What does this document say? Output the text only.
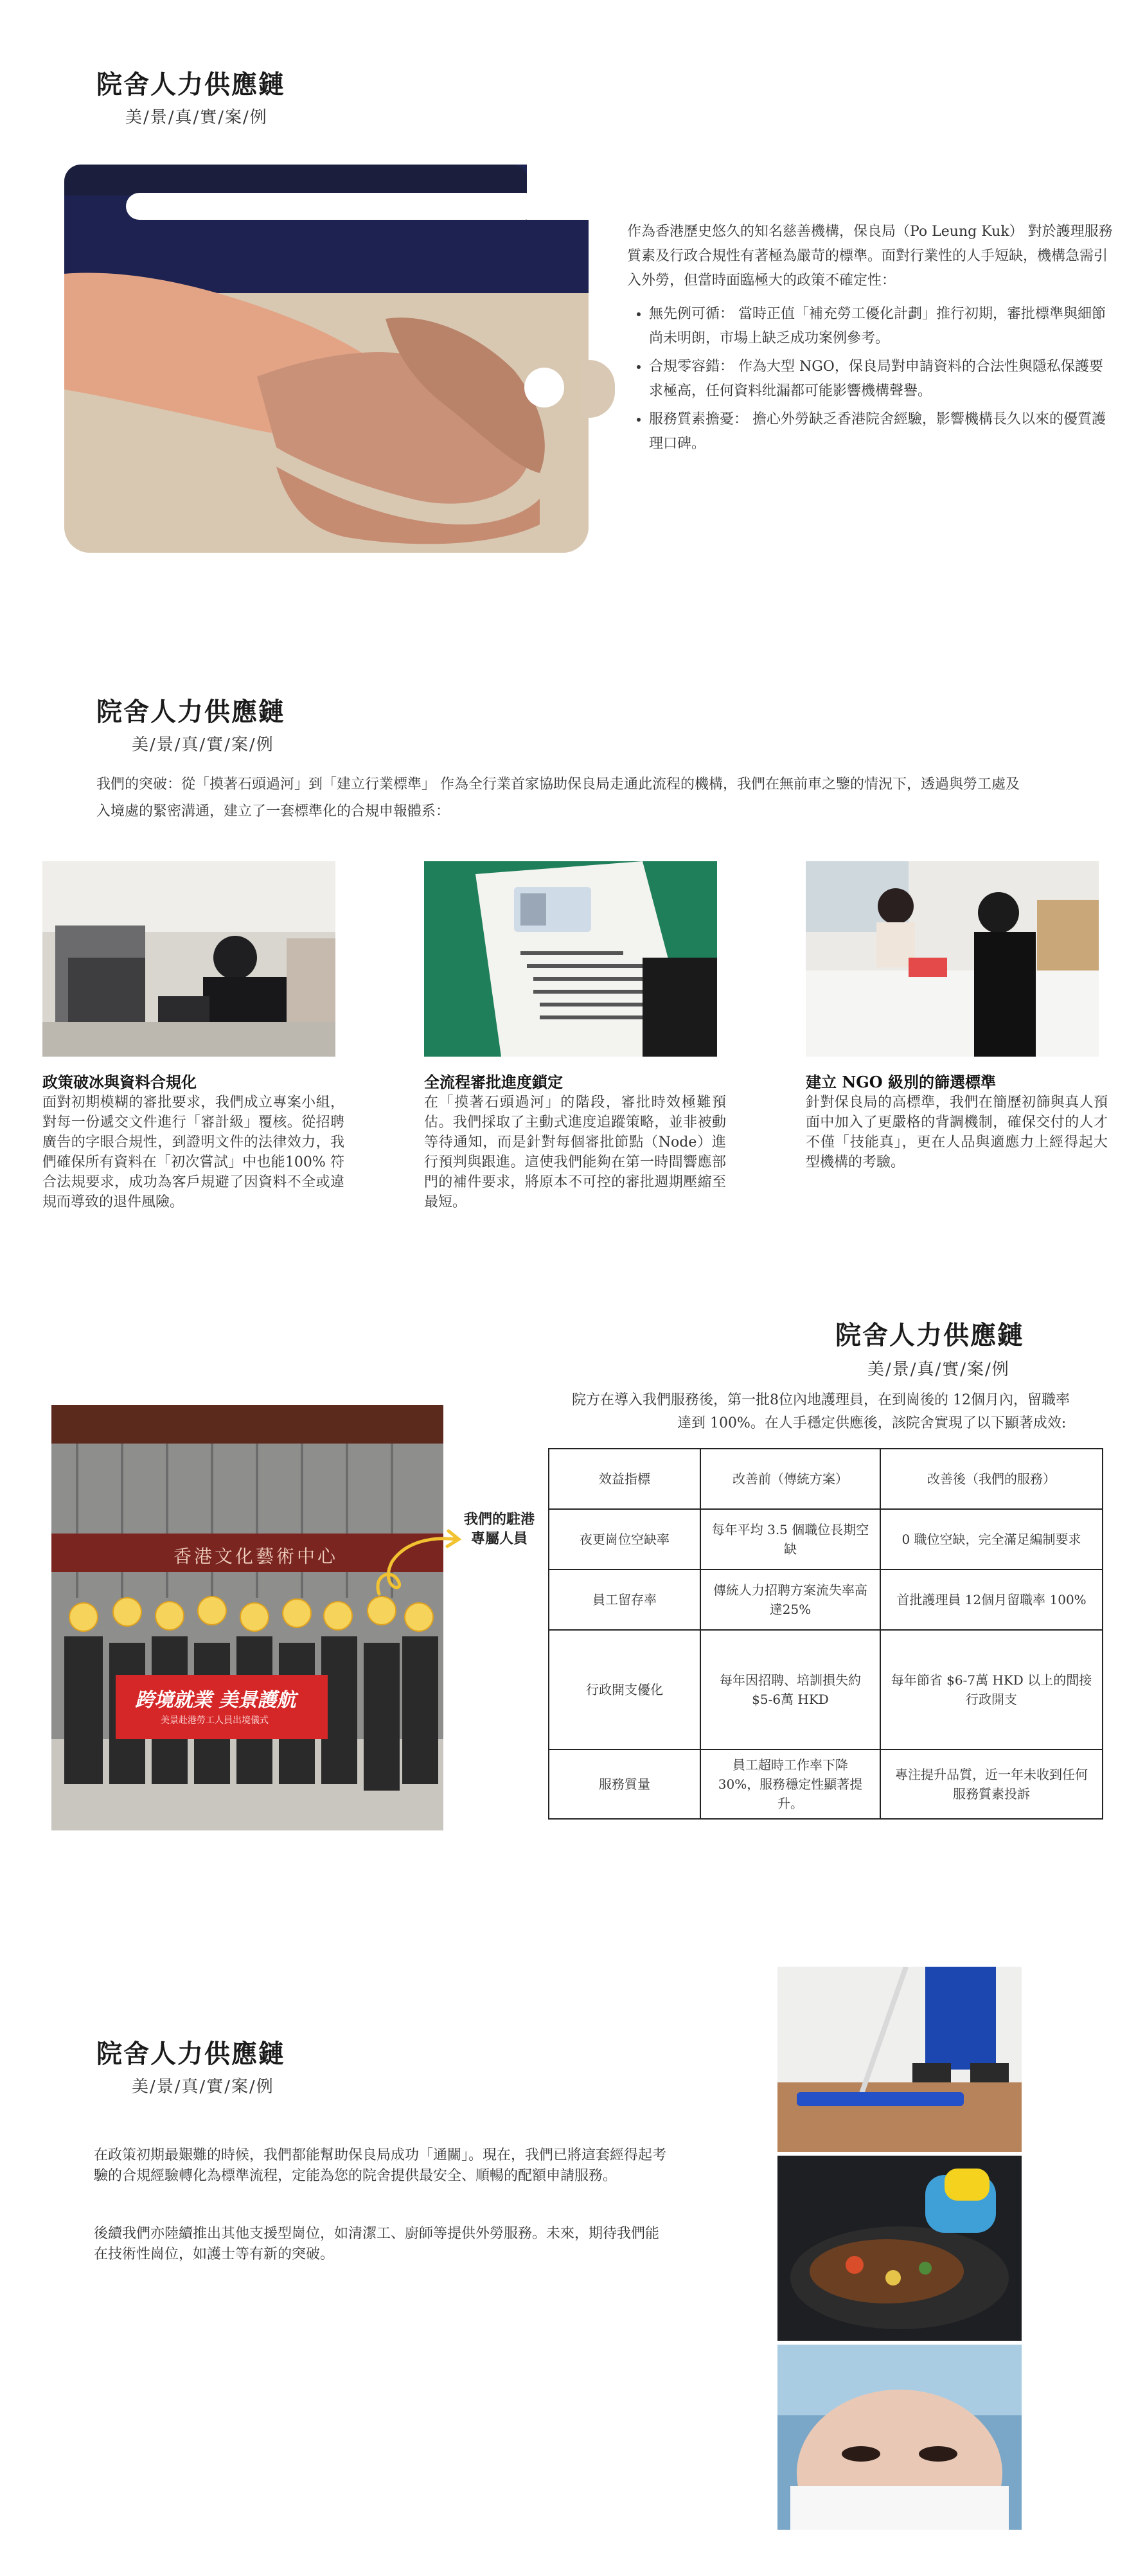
院舍人力供應鏈
美/景/真/實/案/例
作為香港歷史悠久的知名慈善機構，保良局（Po Leung Kuk） 對於護理服務質素及行政合規性有著極為嚴苛的標準。面對行業性的人手短缺，機構急需引入外勞，但當時面臨極大的政策不確定性：
• 無先例可循： 當時正值「補充勞工優化計劃」推行初期，審批標準與細節尚未明朗，市場上缺乏成功案例參考。
• 合規零容錯： 作為大型 NGO，保良局對申請資料的合法性與隱私保護要求極高，任何資料纰漏都可能影響機構聲譽。
• 服務質素擔憂： 擔心外勞缺乏香港院舍經驗，影響機構長久以來的優質護理口碑。
院舍人力供應鏈
美/景/真/實/案/例
我們的突破：從「摸著石頭過河」到「建立行業標準」 作為全行業首家協助保良局走通此流程的機構，我們在無前車之鑒的情況下，透過與勞工處及入境處的緊密溝通，建立了一套標準化的合規申報體系：
政策破冰與資料合規化
面對初期模糊的審批要求，我們成立專案小組，對每一份遞交文件進行「審計級」覆核。從招聘廣告的字眼合規性，到證明文件的法律效力，我們確保所有資料在「初次嘗試」中也能100% 符合法規要求，成功為客戶規避了因資料不全或違規而導致的退件風險。
全流程審批進度鎖定
在「摸著石頭過河」的階段，審批時效極難預估。我們採取了主動式進度追蹤策略，並非被動等待通知，而是針對每個審批節點（Node）進行預判與跟進。這使我們能夠在第一時間響應部門的補件要求，將原本不可控的審批週期壓縮至最短。
建立 NGO 級別的篩選標準
針對保良局的高標準，我們在簡歷初篩與真人預面中加入了更嚴格的背調機制，確保交付的人才不僅「技能真」，更在人品與適應力上經得起大型機構的考驗。
院舍人力供應鏈
美/景/真/實/案/例
院方在導入我們服務後，第一批8位內地護理員，在到崗後的 12個月內，留職率
達到 100%。在人手穩定供應後，該院舍實現了以下顯著成效:
香港文化藝術中心
跨境就業 美景護航
美景赴港勞工人員出境儀式
我們的駐港專屬人員
效益指標	改善前（傳統方案）	改善後（我們的服務）
夜更崗位空缺率	每年平均 3.5 個職位長期空缺	0 職位空缺，完全滿足編制要求
員工留存率	傳統人力招聘方案流失率高達25%	首批護理員 12個月留職率 100%
行政開支優化	每年因招聘、培訓損失約 $5-6萬 HKD	每年節省 $6-7萬 HKD 以上的間接行政開支
服務質量	員工超時工作率下降 30%，服務穩定性顯著提升。	專注提升品質，近一年未收到任何服務質素投訴
院舍人力供應鏈
美/景/真/實/案/例
在政策初期最艱難的時候，我們都能幫助保良局成功「通關」。現在，我們已將這套經得起考驗的合規經驗轉化為標準流程，定能為您的院舍提供最安全、順暢的配額申請服務。
後續我們亦陸續推出其他支援型崗位，如清潔工、廚師等提供外勞服務。未來，期待我們能在技術性崗位，如護士等有新的突破。
